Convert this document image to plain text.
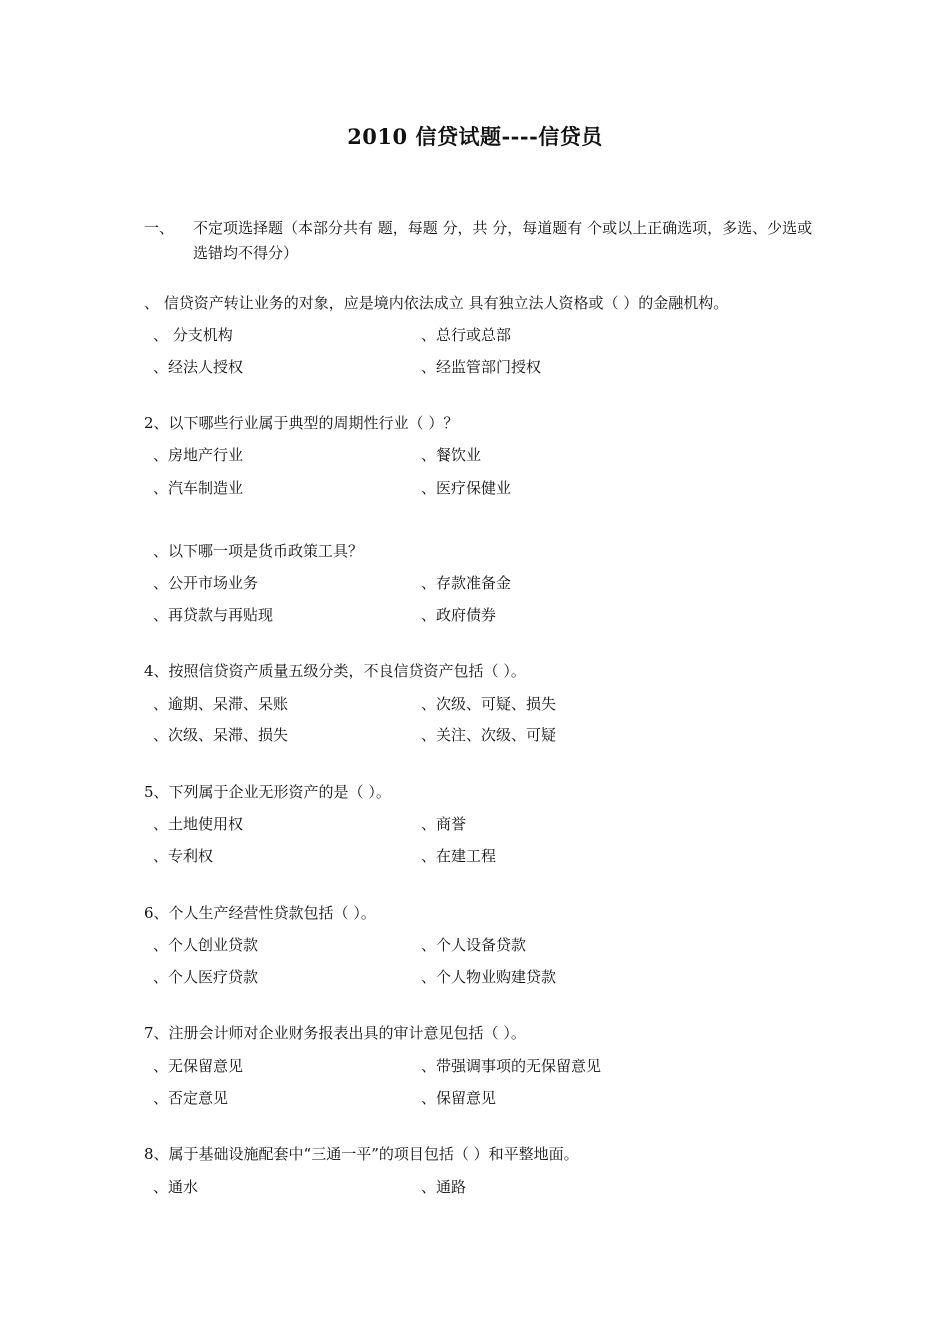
2010 信贷试题----信贷员
一、 不定项选择题（本部分共有 题，每题 分，共 分，每道题有 个或以上正确选项，多选、少选或选错均不得分）
、 信贷资产转让业务的对象，应是境内依法成立 具有独立法人资格或（ ）的金融机构。
、 分支机构	、总行或总部
、经法人授权	、经监管部门授权
2、以下哪些行业属于典型的周期性行业（ ）？
、房地产行业	、餐饮业
、汽车制造业	、医疗保健业
、以下哪一项是货币政策工具？
、公开市场业务	、存款准备金
、再贷款与再贴现	、政府债券
4、按照信贷资产质量五级分类，不良信贷资产包括（ ）。
、逾期、呆滞、呆账	、次级、可疑、损失
、次级、呆滞、损失	、关注、次级、可疑
5、下列属于企业无形资产的是（ ）。
、土地使用权	、商誉
、专利权	、在建工程
6、个人生产经营性贷款包括（ ）。
、个人创业贷款	、个人设备贷款
、个人医疗贷款	、个人物业购建贷款
7、注册会计师对企业财务报表出具的审计意见包括（ ）。
、无保留意见	、带强调事项的无保留意见
、否定意见	、保留意见
8、属于基础设施配套中“三通一平”的项目包括（ ）和平整地面。
、通水	、通路
